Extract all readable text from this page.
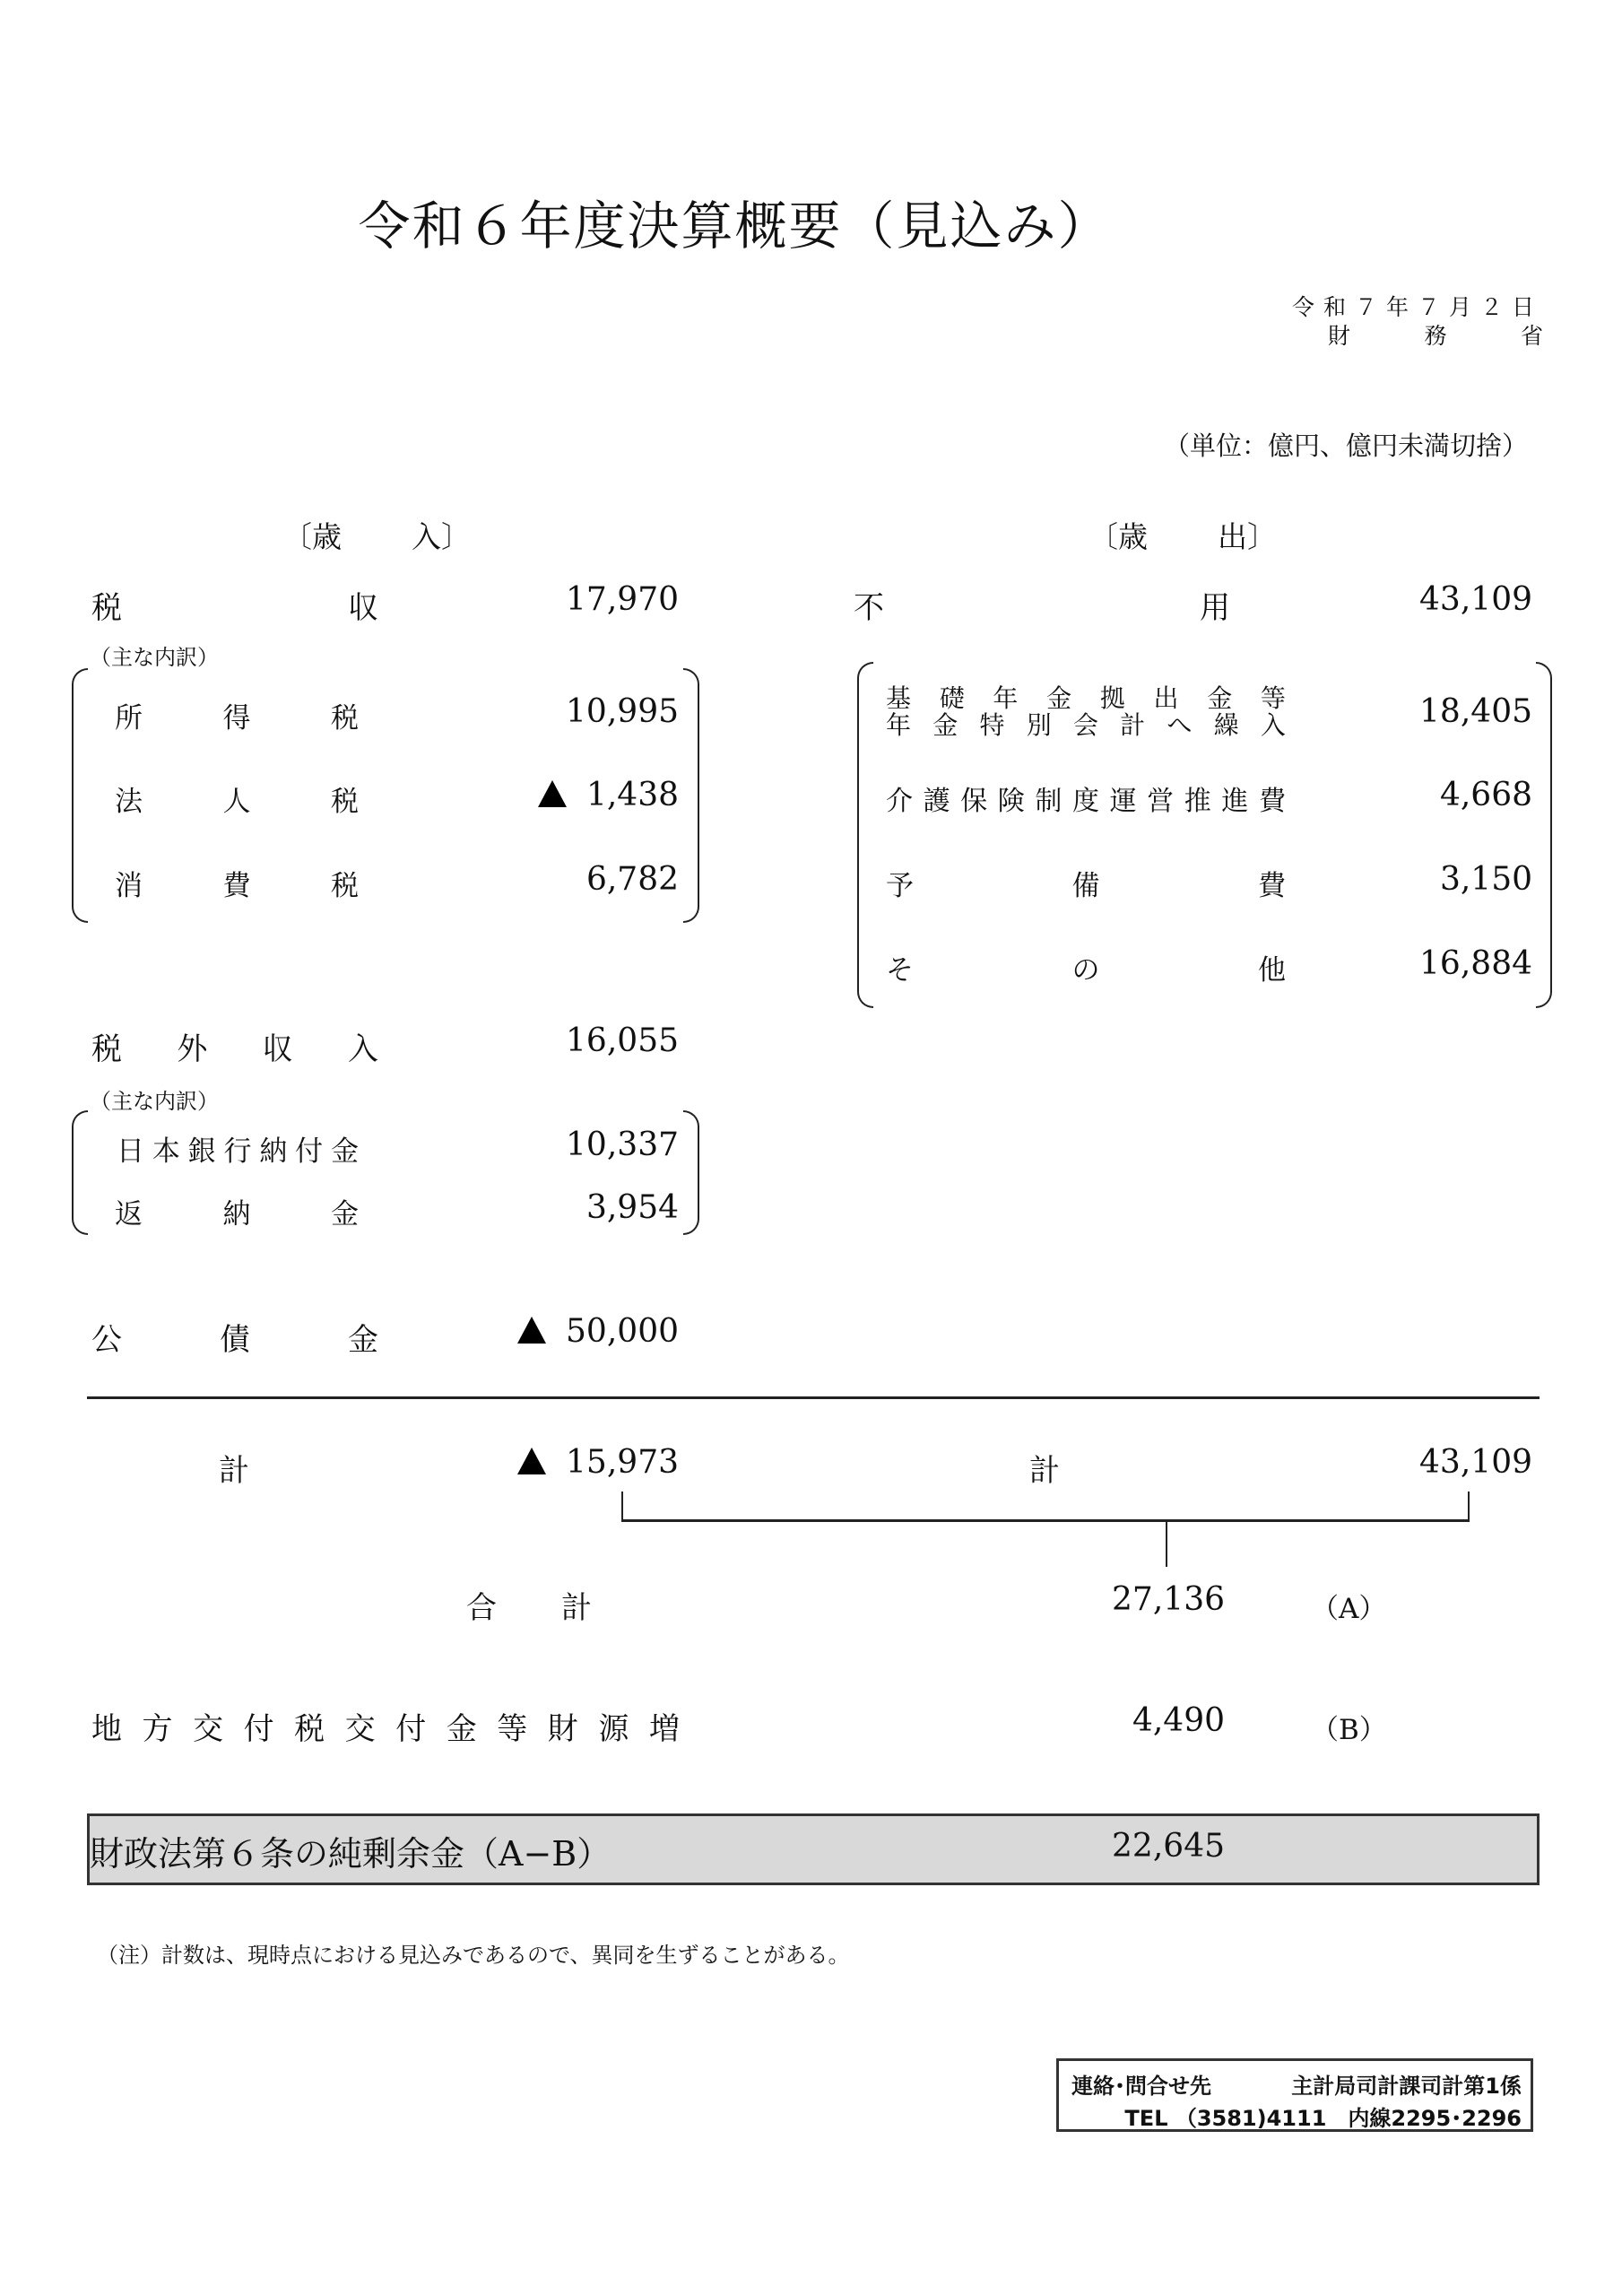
令和６年度決算概要（見込み）
令和７年７月２日
財	務	省
（単位：億円、億円未満切捨）
〔歳 入〕	〔歳 出〕
税	収	17,970
（主な内訳）
所	得	税	10,995
法	人	税	1,438
消	費	税	6,782
税 外 収 入	16,055
（主な内訳）
日 本 銀 行 納 付 金	10,337
返	納	金	3,954
公	債	金	50,000
不	用	43,109
基 礎 年 金 拠 出 金 等
年 金 特 別 会 計 へ 繰 入	18,405
介 護 保 険 制 度 運 営 推 進 費	4,668
予	備	費	3,150
そ	の	他	16,884
計	15,973	計	43,109
合 計	27,136	（A）
地 方 交 付 税 交 付 金 等 財 源 増	4,490	（B）
財政法第６条の純剰余金（A−B）	22,645
（注）計数は、現時点における見込みであるので、異同を生ずることがある。
連絡･問合せ先	主計局司計課司計第1係
TEL （3581)4111　内線2295･2296
